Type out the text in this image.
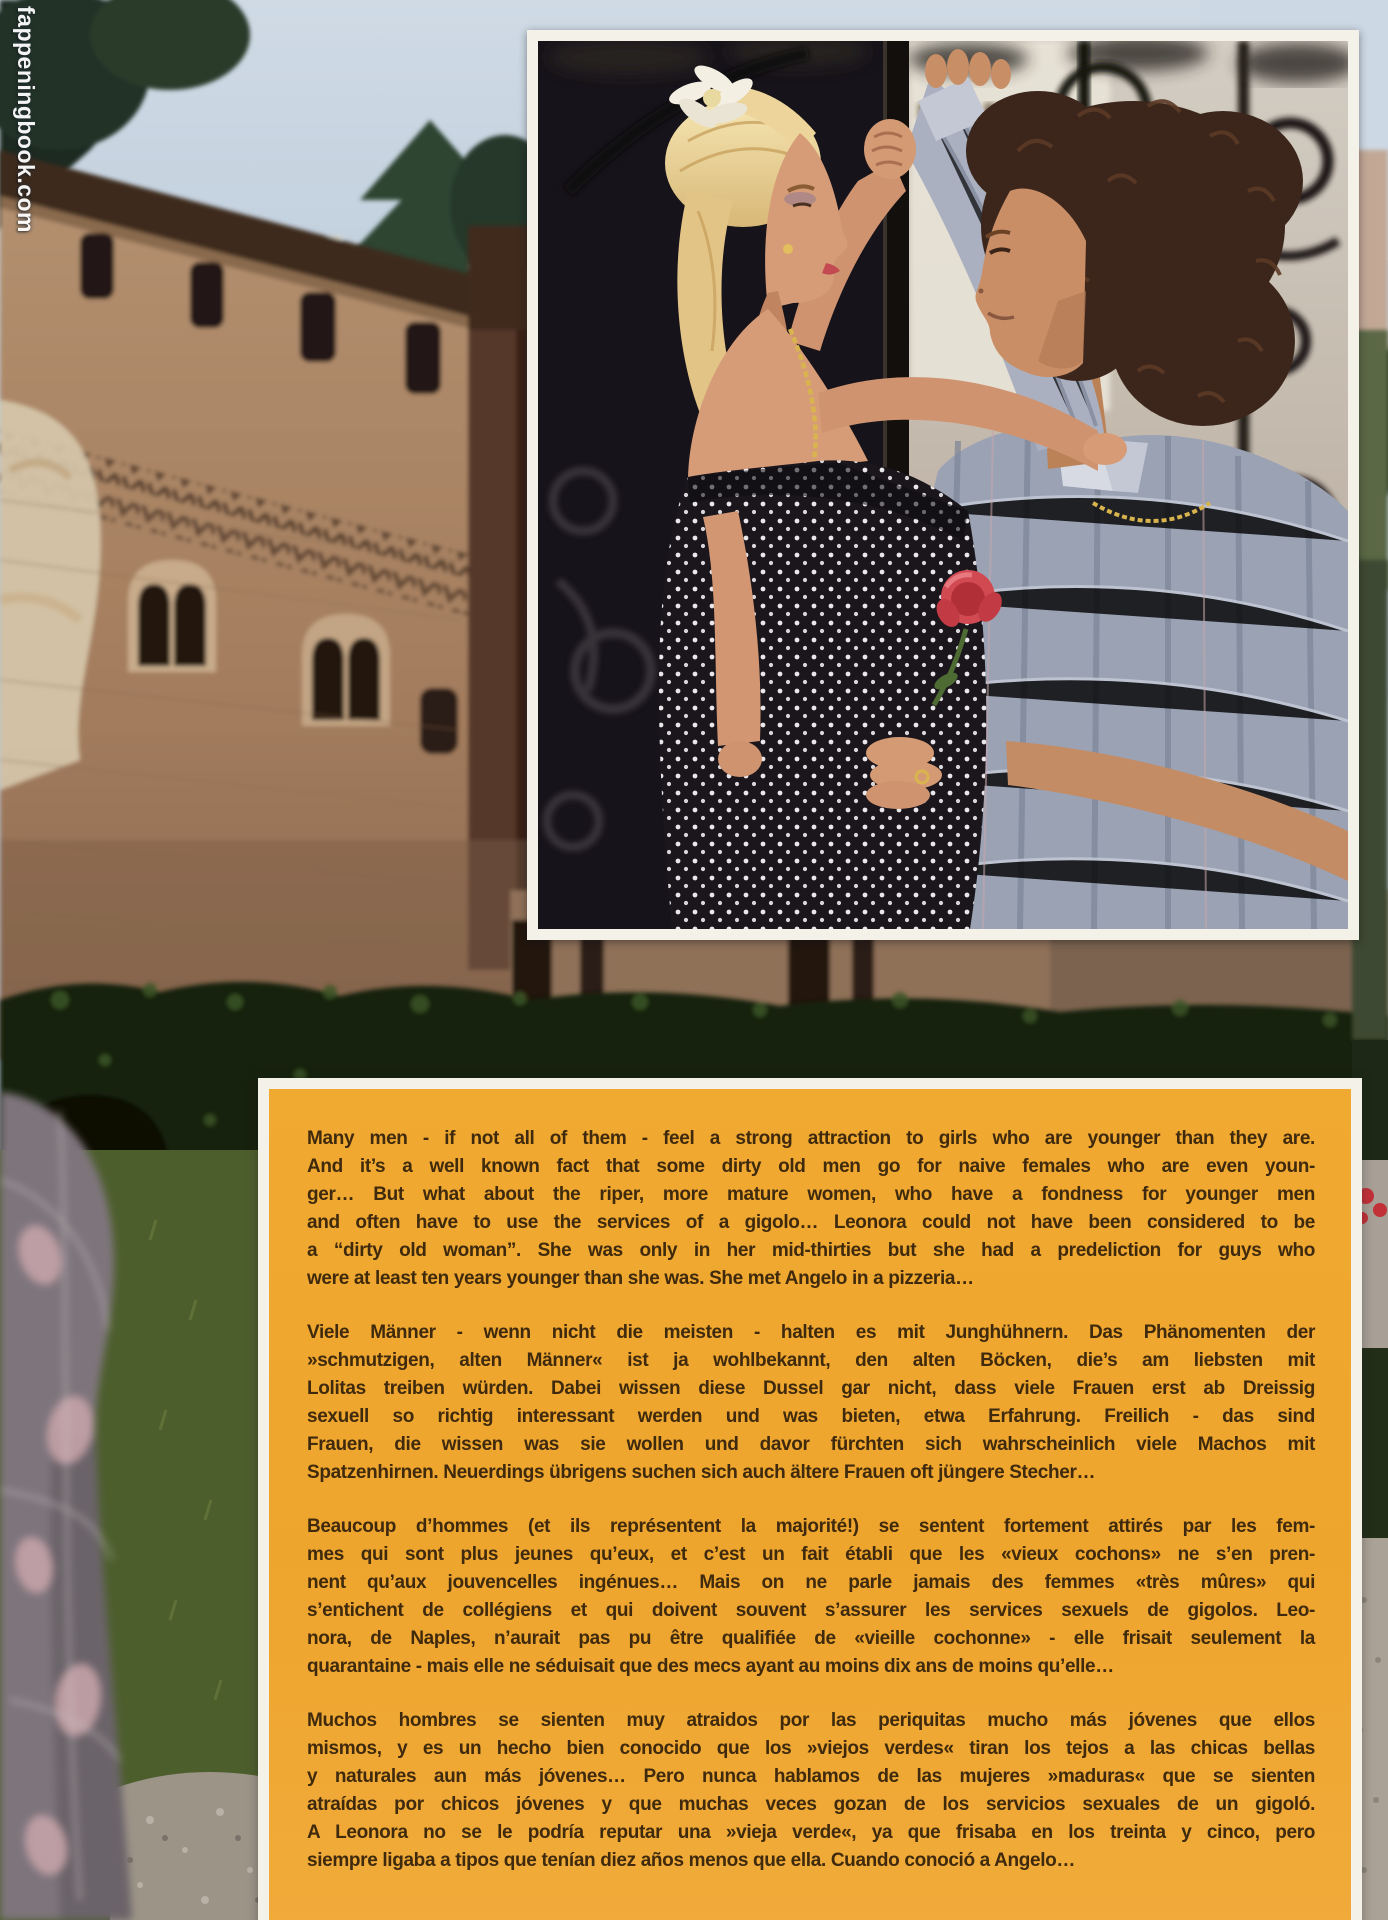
fappeningbook.com
Many men - if not all of them - feel a strong attraction to girls who are younger than they are.
And it’s a well known fact that some dirty old men go for naive females who are even youn-
ger… But what about the riper, more mature women, who have a fondness for younger men
and often have to use the services of a gigolo… Leonora could not have been considered to be
a “dirty old woman”. She was only in her mid-thirties but she had a predeliction for guys who
were at least ten years younger than she was. She met Angelo in a pizzeria…
Viele Männer - wenn nicht die meisten - halten es mit Junghühnern. Das Phänomenten der
»schmutzigen, alten Männer« ist ja wohlbekannt, den alten Böcken, die’s am liebsten mit
Lolitas treiben würden. Dabei wissen diese Dussel gar nicht, dass viele Frauen erst ab Dreissig
sexuell so richtig interessant werden und was bieten, etwa Erfahrung. Freilich - das sind
Frauen, die wissen was sie wollen und davor fürchten sich wahrscheinlich viele Machos mit
Spatzenhirnen. Neuerdings übrigens suchen sich auch ältere Frauen oft jüngere Stecher…
Beaucoup d’hommes (et ils représentent la majorité!) se sentent fortement attirés par les fem-
mes qui sont plus jeunes qu’eux, et c’est un fait établi que les «vieux cochons» ne s’en pren-
nent qu’aux jouvencelles ingénues… Mais on ne parle jamais des femmes «très mûres» qui
s’entichent de collégiens et qui doivent souvent s’assurer les services sexuels de gigolos. Leo-
nora, de Naples, n’aurait pas pu être qualifiée de «vieille cochonne» - elle frisait seulement la
quarantaine - mais elle ne séduisait que des mecs ayant au moins dix ans de moins qu’elle…
Muchos hombres se sienten muy atraidos por las periquitas mucho más jóvenes que ellos
mismos, y es un hecho bien conocido que los »viejos verdes« tiran los tejos a las chicas bellas
y naturales aun más jóvenes… Pero nunca hablamos de las mujeres »maduras« que se sienten
atraídas por chicos jóvenes y que muchas veces gozan de los servicios sexuales de un gigoló.
A Leonora no se le podría reputar una »vieja verde«, ya que frisaba en los treinta y cinco, pero
siempre ligaba a tipos que tenían diez años menos que ella. Cuando conoció a Angelo…
